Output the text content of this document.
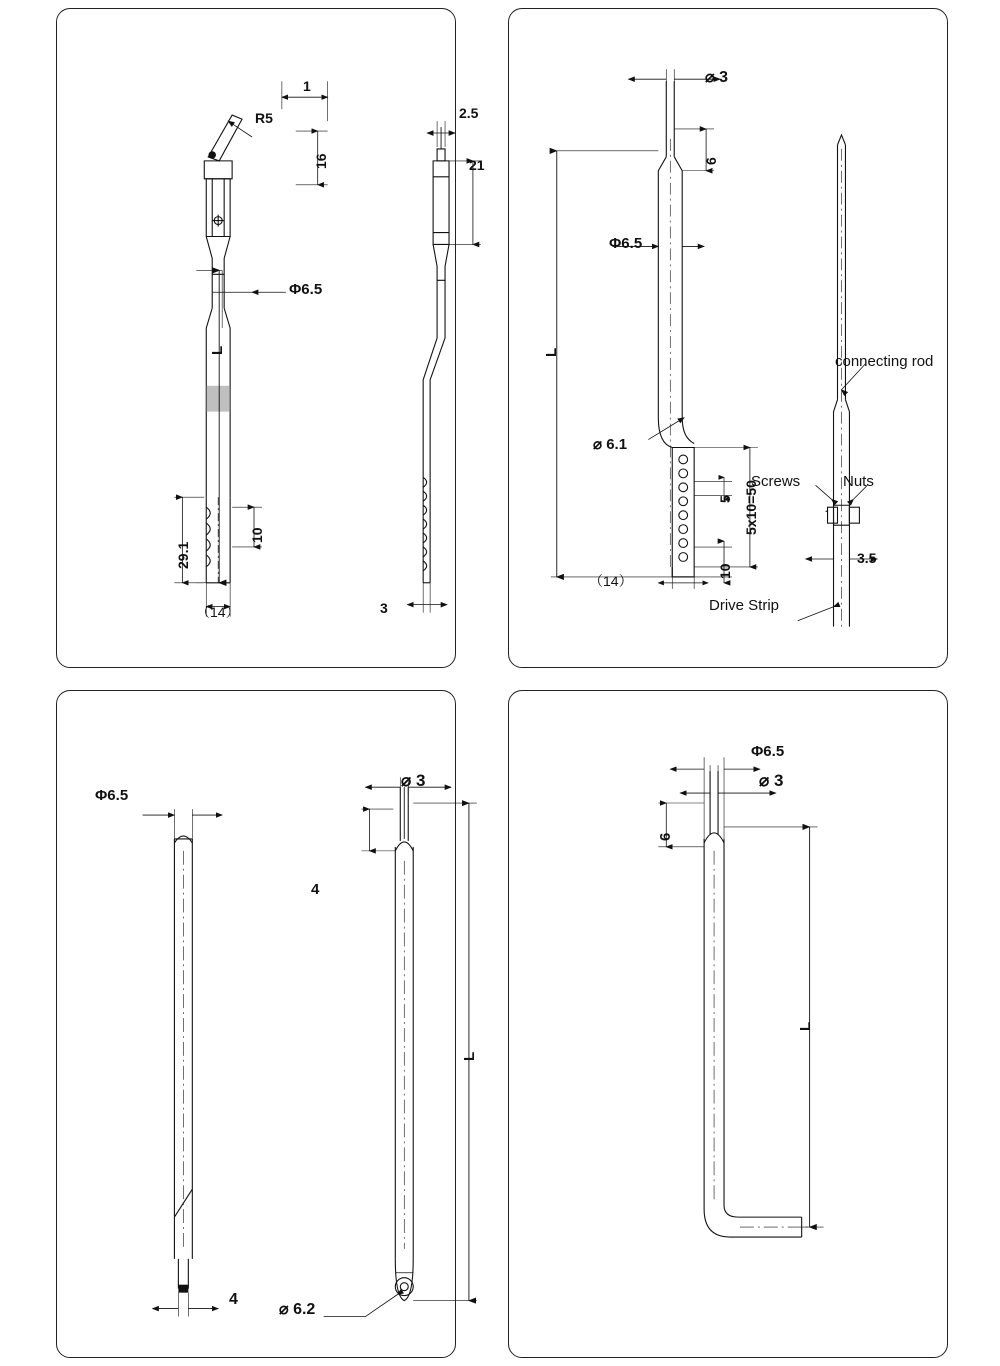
1
R5
16
2.5
21
Φ6.5
L
29.1
10
（14）	3
⌀ 3
6
Φ6.5
L
⌀ 6.1
5 5x10=50
10
（14）
connecting rod
Screws	Nuts
3.5
Drive Strip
Φ6.5
⌀ 3
4
4
L
⌀ 6.2
Φ6.5
⌀ 3
6
L
